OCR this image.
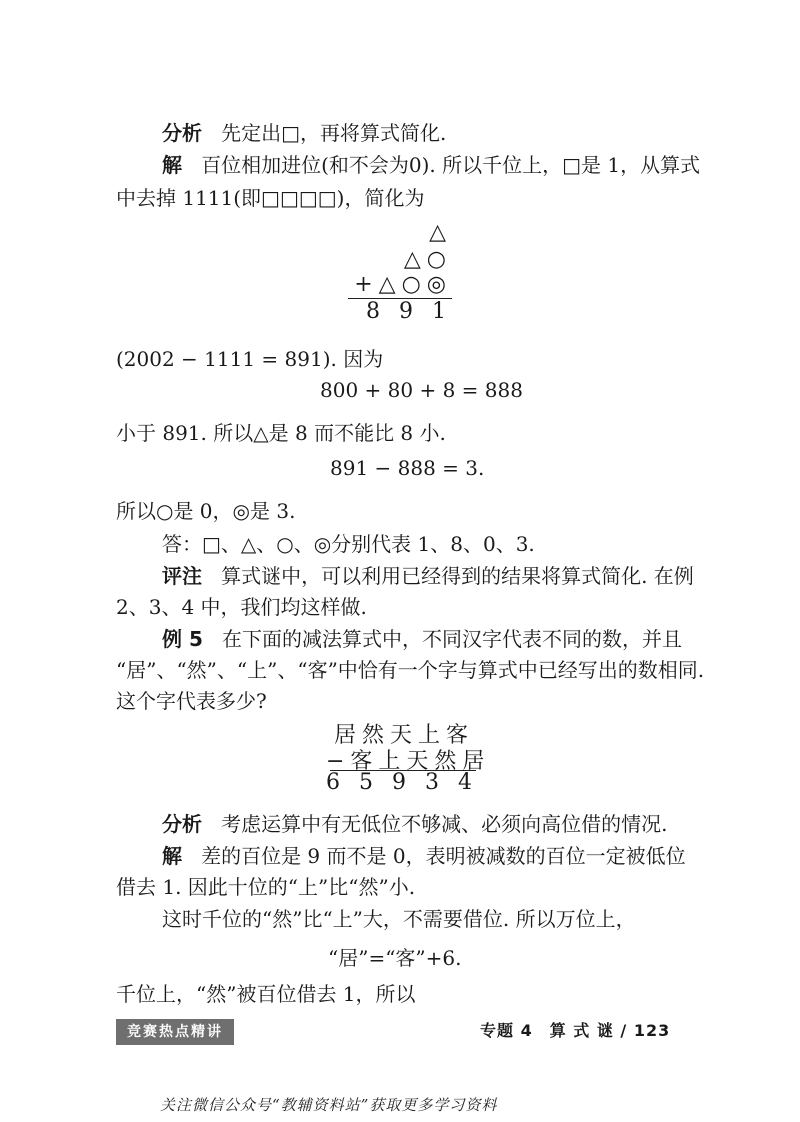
分析 先定出□，再将算式简化.
解 百位相加进位(和不会为0). 所以千位上，□是 1，从算式
中去掉 1111(即□□□□)，简化为
△
△○
+△○◎
8 9 1
(2002 − 1111 = 891). 因为
800 + 80 + 8 = 888
小于 891. 所以△是 8 而不能比 8 小.
891 − 888 = 3.
所以○是 0，◎是 3.
答：□、△、○、◎分别代表 1、8、0、3.
评注 算式谜中，可以利用已经得到的结果将算式简化. 在例
2、3、4 中，我们均这样做.
例 5 在下面的减法算式中，不同汉字代表不同的数，并且
“居”、“然”、“上”、“客”中恰有一个字与算式中已经写出的数相同.
这个字代表多少?
居然天上客
−客上天然居
6 5 9 3 4
分析 考虑运算中有无低位不够减、必须向高位借的情况.
解 差的百位是 9 而不是 0，表明被减数的百位一定被低位
借去 1. 因此十位的“上”比“然”小.
这时千位的“然”比“上”大，不需要借位. 所以万位上，
“居”=“客”+6.
千位上，“然”被百位借去 1，所以
竞赛热点精讲	专题 4　算 式 谜 / 123
关注微信公众号“教辅资料站”获取更多学习资料
